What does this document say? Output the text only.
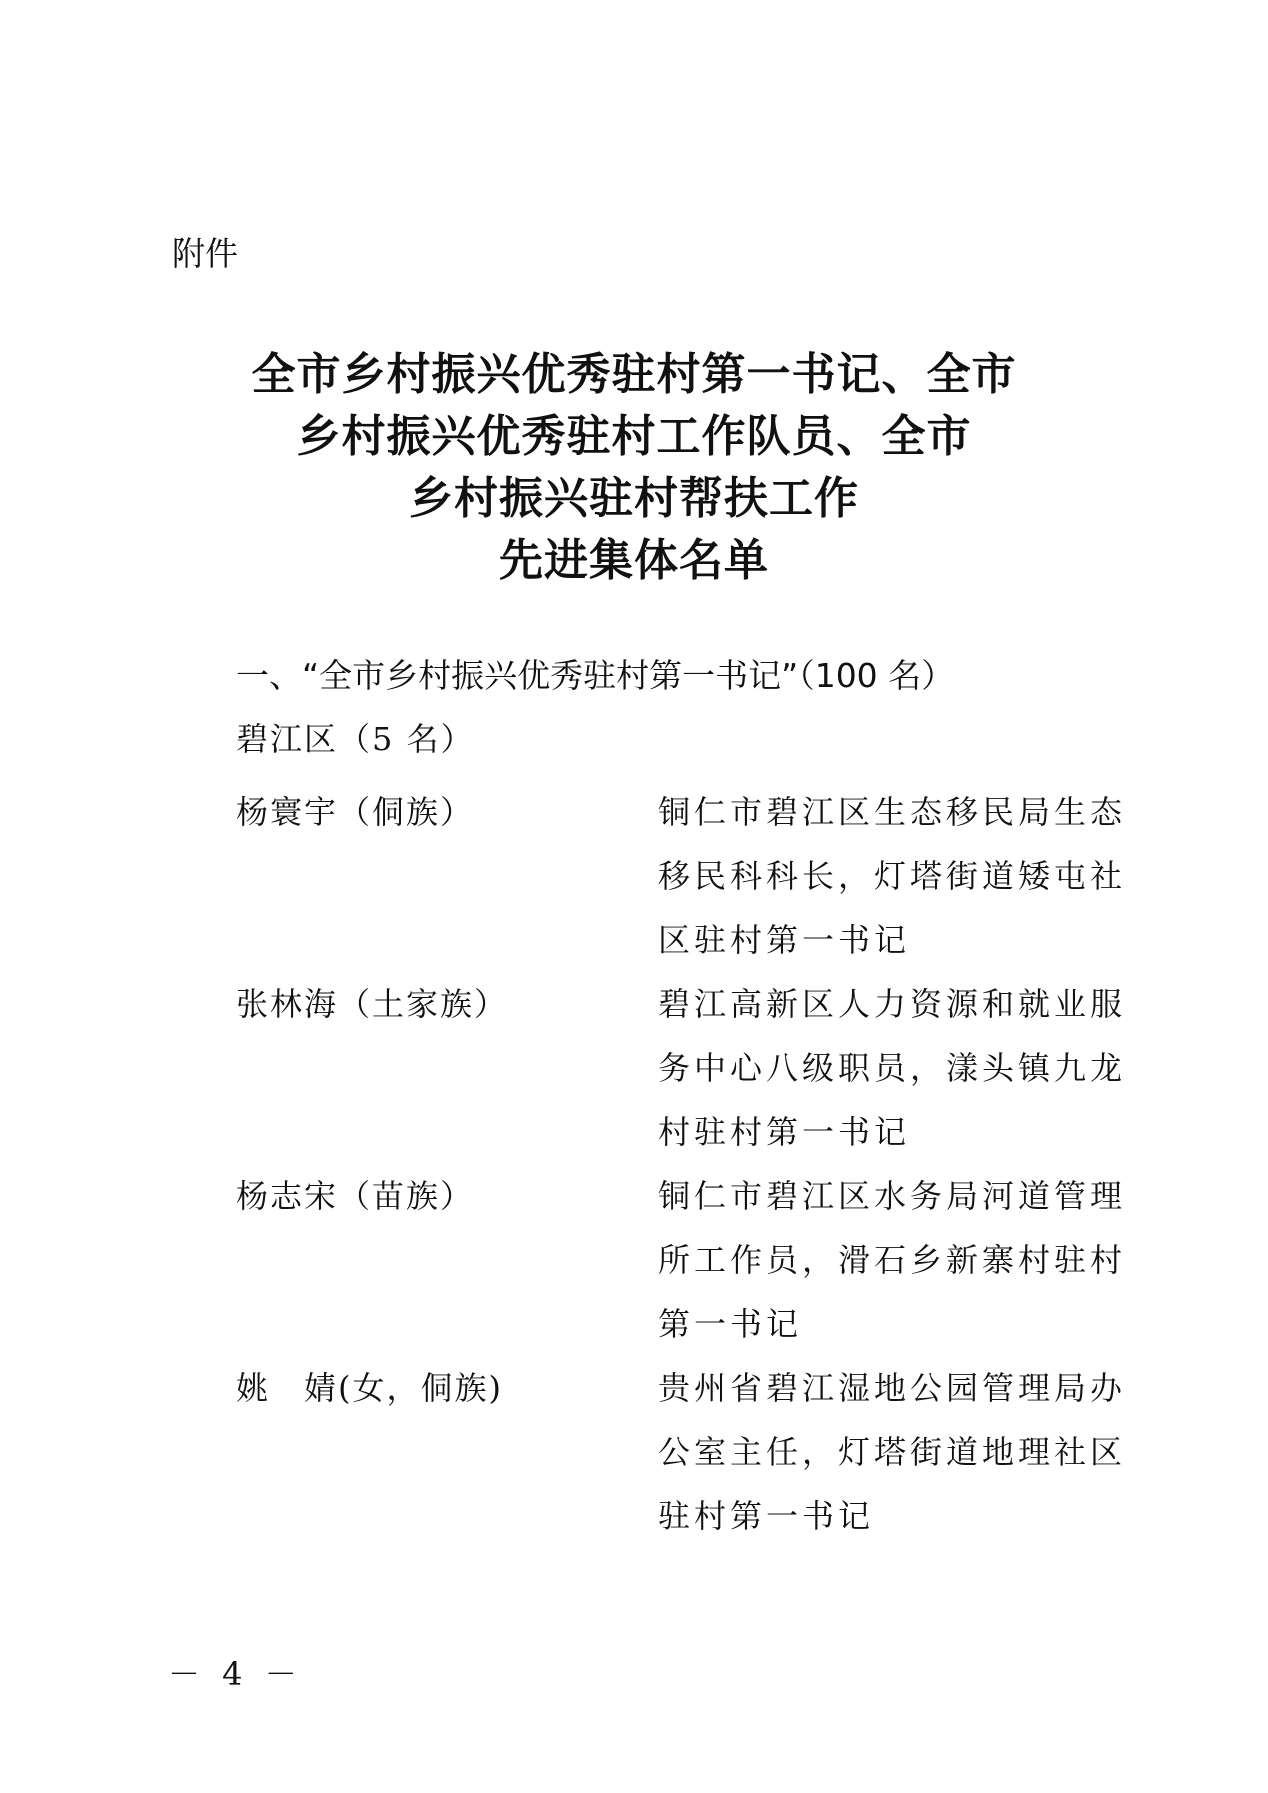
附件
全市乡村振兴优秀驻村第一书记、全市
乡村振兴优秀驻村工作队员、全市
乡村振兴驻村帮扶工作
先进集体名单
一、“全市乡村振兴优秀驻村第一书记”（100 名）
碧江区（5 名）
杨寰宇（侗族）	铜仁市碧江区生态移民局生态
移民科科长，灯塔街道矮屯社
区驻村第一书记
张林海（土家族）	碧江高新区人力资源和就业服
务中心八级职员，漾头镇九龙
村驻村第一书记
杨志宋（苗族）	铜仁市碧江区水务局河道管理
所工作员，滑石乡新寨村驻村
第一书记
姚　婧(女，侗族)	贵州省碧江湿地公园管理局办
公室主任，灯塔街道地理社区
驻村第一书记
－ 4 －
